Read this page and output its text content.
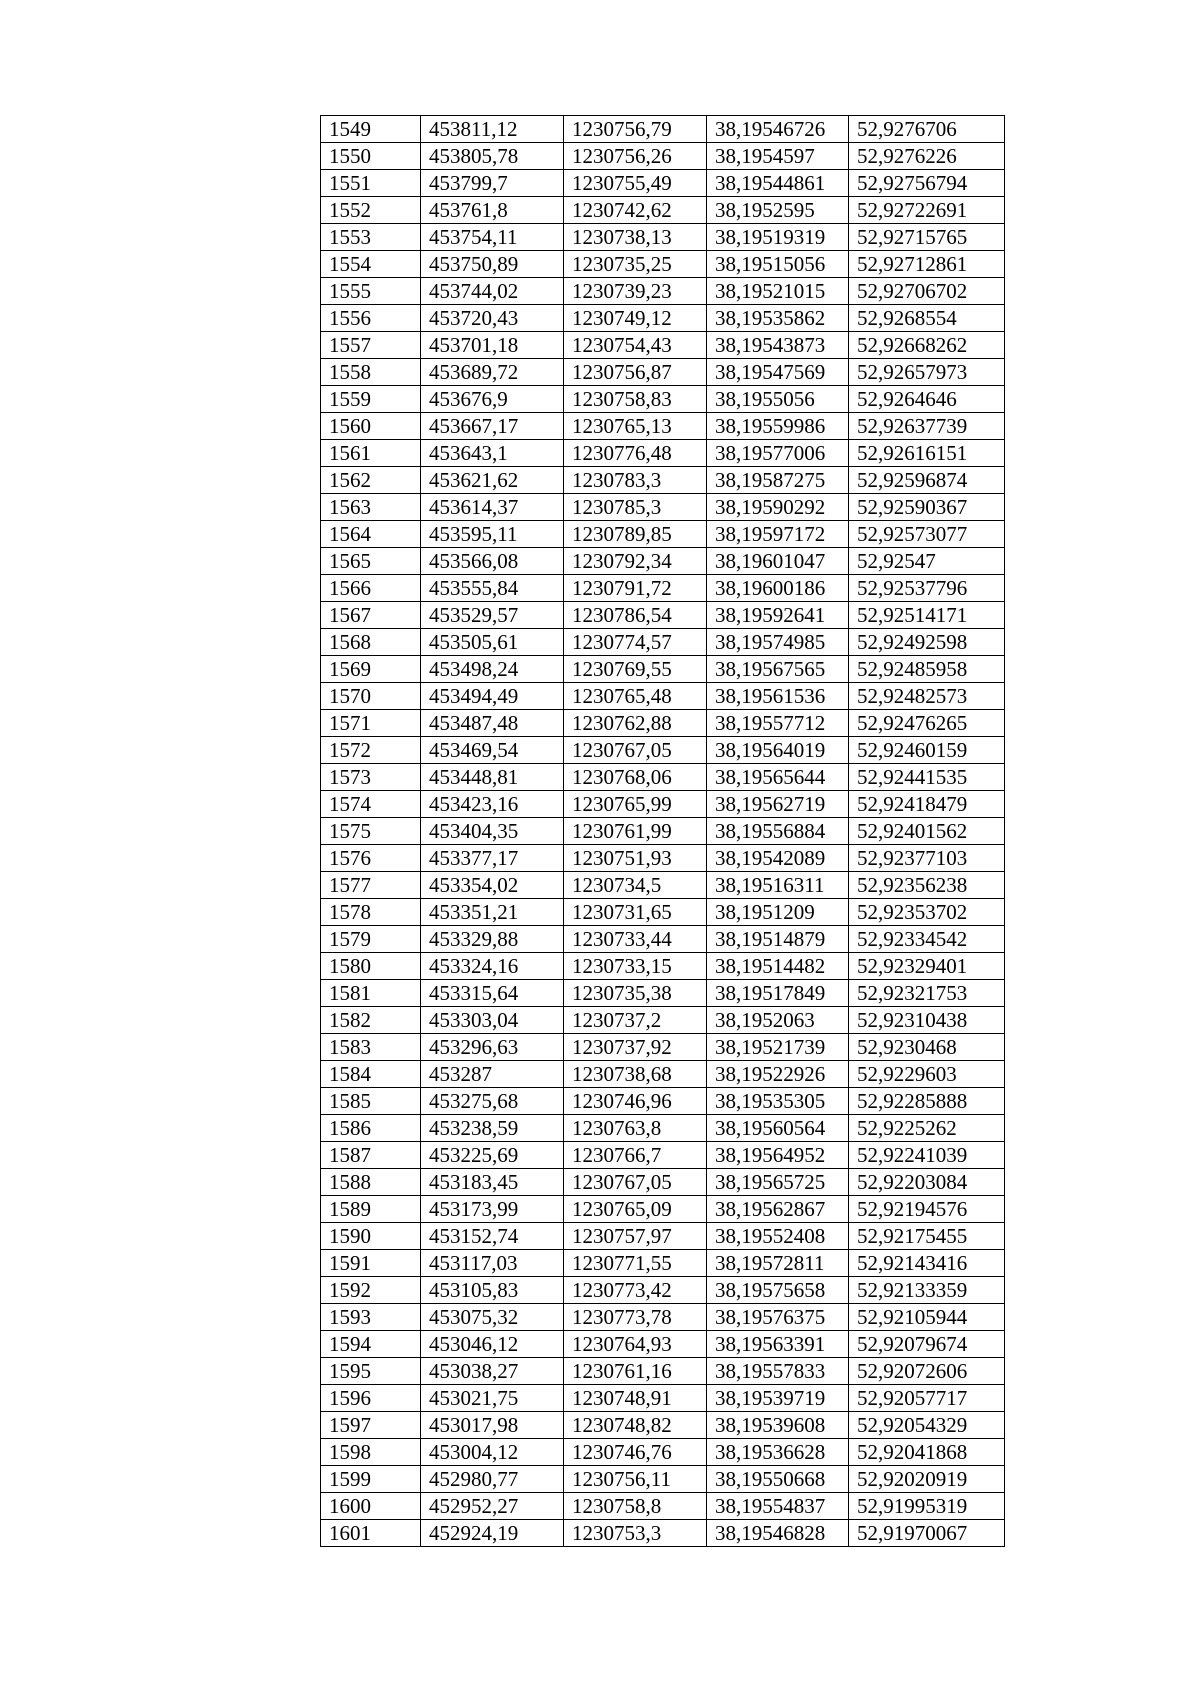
1549	453811,12	1230756,79	38,19546726	52,9276706
1550	453805,78	1230756,26	38,1954597	52,9276226
1551	453799,7	1230755,49	38,19544861	52,92756794
1552	453761,8	1230742,62	38,1952595	52,92722691
1553	453754,11	1230738,13	38,19519319	52,92715765
1554	453750,89	1230735,25	38,19515056	52,92712861
1555	453744,02	1230739,23	38,19521015	52,92706702
1556	453720,43	1230749,12	38,19535862	52,9268554
1557	453701,18	1230754,43	38,19543873	52,92668262
1558	453689,72	1230756,87	38,19547569	52,92657973
1559	453676,9	1230758,83	38,1955056	52,9264646
1560	453667,17	1230765,13	38,19559986	52,92637739
1561	453643,1	1230776,48	38,19577006	52,92616151
1562	453621,62	1230783,3	38,19587275	52,92596874
1563	453614,37	1230785,3	38,19590292	52,92590367
1564	453595,11	1230789,85	38,19597172	52,92573077
1565	453566,08	1230792,34	38,19601047	52,92547
1566	453555,84	1230791,72	38,19600186	52,92537796
1567	453529,57	1230786,54	38,19592641	52,92514171
1568	453505,61	1230774,57	38,19574985	52,92492598
1569	453498,24	1230769,55	38,19567565	52,92485958
1570	453494,49	1230765,48	38,19561536	52,92482573
1571	453487,48	1230762,88	38,19557712	52,92476265
1572	453469,54	1230767,05	38,19564019	52,92460159
1573	453448,81	1230768,06	38,19565644	52,92441535
1574	453423,16	1230765,99	38,19562719	52,92418479
1575	453404,35	1230761,99	38,19556884	52,92401562
1576	453377,17	1230751,93	38,19542089	52,92377103
1577	453354,02	1230734,5	38,19516311	52,92356238
1578	453351,21	1230731,65	38,1951209	52,92353702
1579	453329,88	1230733,44	38,19514879	52,92334542
1580	453324,16	1230733,15	38,19514482	52,92329401
1581	453315,64	1230735,38	38,19517849	52,92321753
1582	453303,04	1230737,2	38,1952063	52,92310438
1583	453296,63	1230737,92	38,19521739	52,9230468
1584	453287	1230738,68	38,19522926	52,9229603
1585	453275,68	1230746,96	38,19535305	52,92285888
1586	453238,59	1230763,8	38,19560564	52,9225262
1587	453225,69	1230766,7	38,19564952	52,92241039
1588	453183,45	1230767,05	38,19565725	52,92203084
1589	453173,99	1230765,09	38,19562867	52,92194576
1590	453152,74	1230757,97	38,19552408	52,92175455
1591	453117,03	1230771,55	38,19572811	52,92143416
1592	453105,83	1230773,42	38,19575658	52,92133359
1593	453075,32	1230773,78	38,19576375	52,92105944
1594	453046,12	1230764,93	38,19563391	52,92079674
1595	453038,27	1230761,16	38,19557833	52,92072606
1596	453021,75	1230748,91	38,19539719	52,92057717
1597	453017,98	1230748,82	38,19539608	52,92054329
1598	453004,12	1230746,76	38,19536628	52,92041868
1599	452980,77	1230756,11	38,19550668	52,92020919
1600	452952,27	1230758,8	38,19554837	52,91995319
1601	452924,19	1230753,3	38,19546828	52,91970067
